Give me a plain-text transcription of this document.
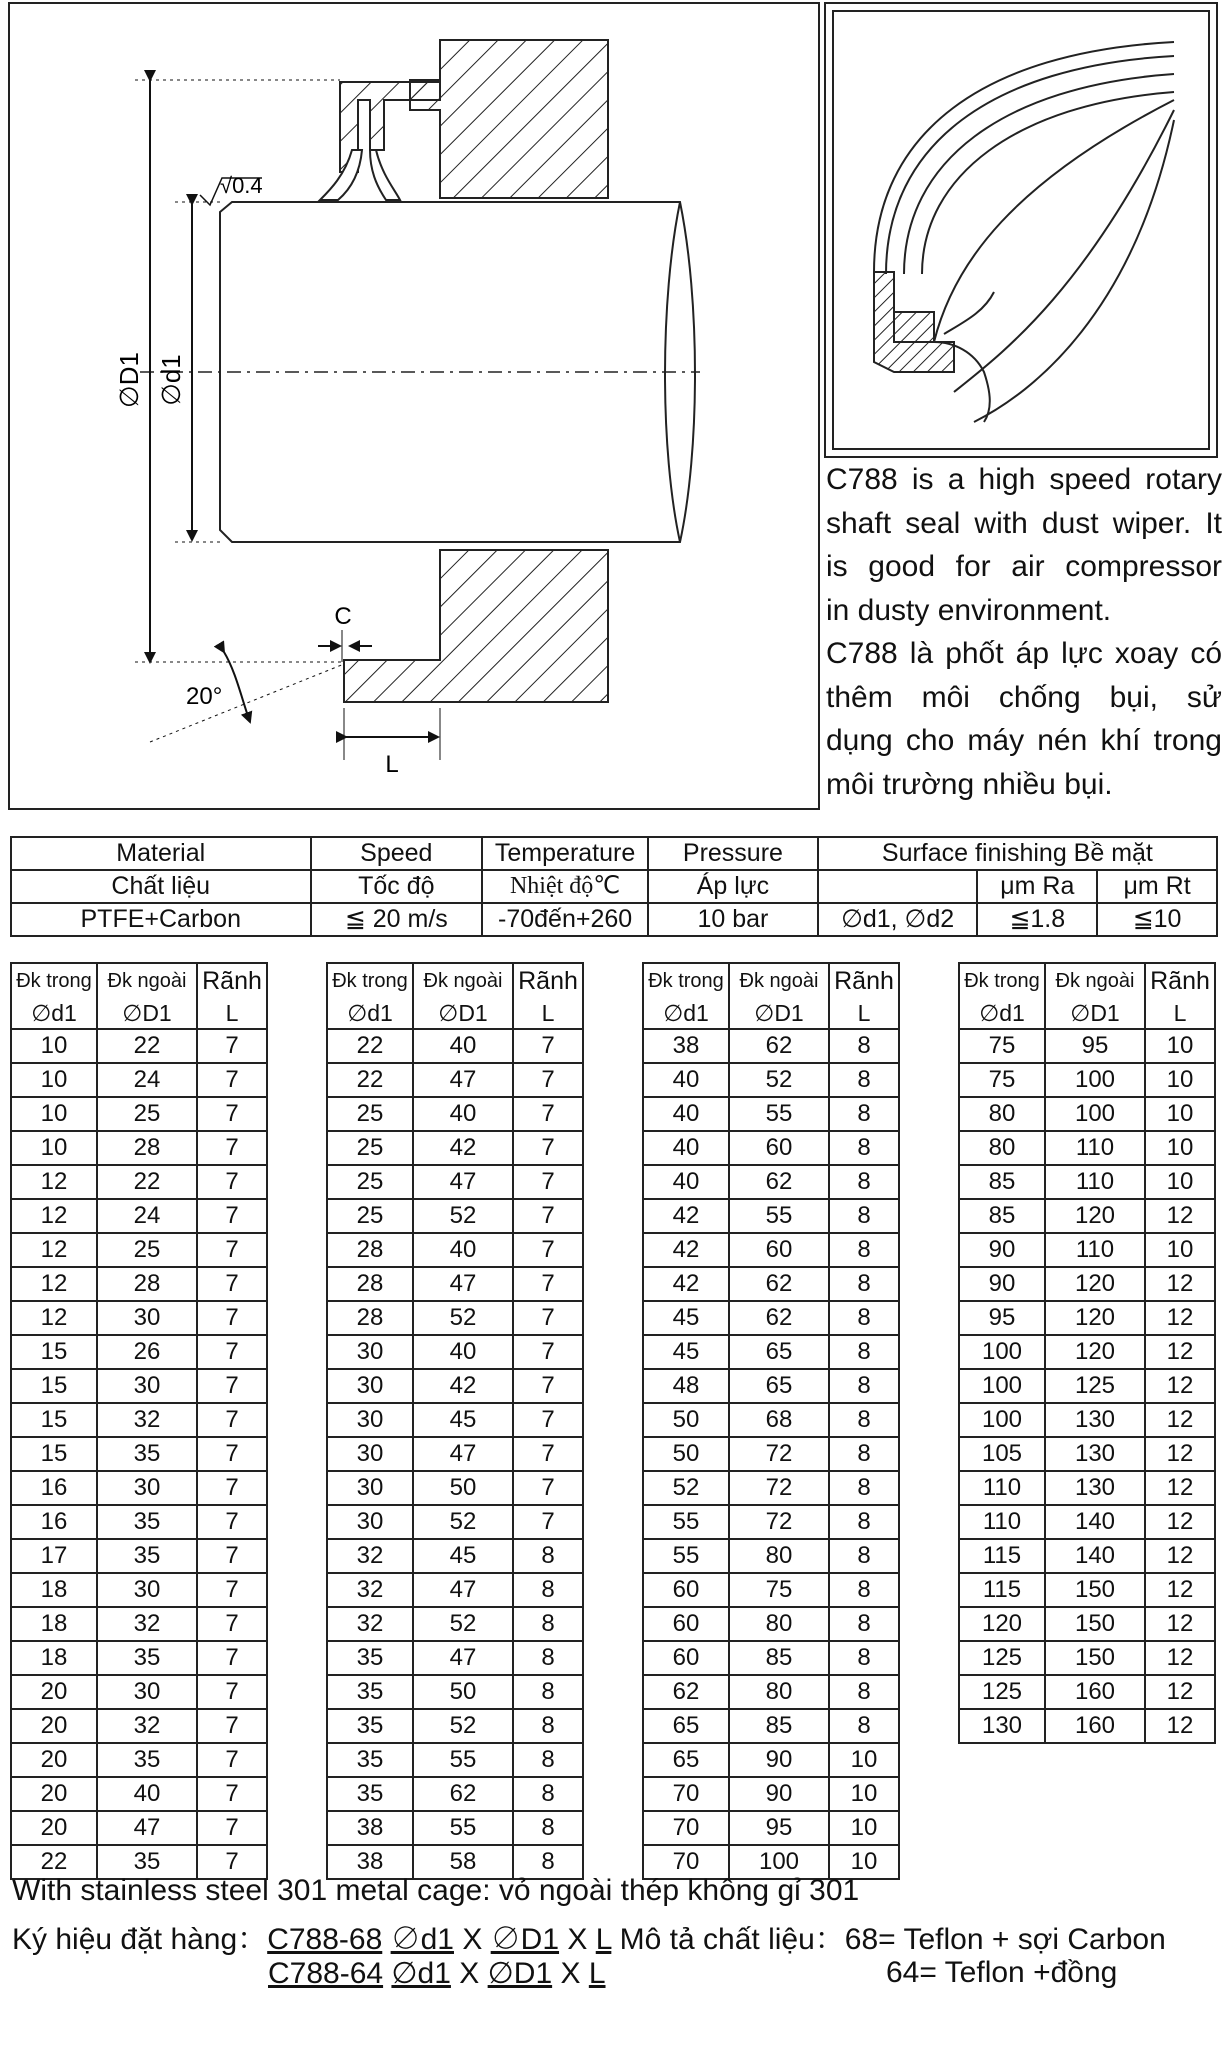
√0.4
∅D1 ∅d1
C
L
20°
C788 is a high speed rotary
shaft seal with dust wiper. It
is good for air compressor
in dusty environment.
C788 là phốt áp lực xoay có
thêm môi chống bụi, sử
dụng cho máy nén khí trong
môi trường nhiều bụi.
Material	Speed	Temperature	Pressure	Surface finishing Bề mặt		
Chất liệu	Tốc độ	Nhiệt độ℃	Áp lực		μm Ra	μm Rt
PTFE+Carbon	≦ 20 m/s	-70đến+260	10 bar	∅d1, ∅d2	≦1.8	≦10
Đk trong	Đk ngoài	Rãnh
∅d1	∅D1	L
10	22	7
10	24	7
10	25	7
10	28	7
12	22	7
12	24	7
12	25	7
12	28	7
12	30	7
15	26	7
15	30	7
15	32	7
15	35	7
16	30	7
16	35	7
17	35	7
18	30	7
18	32	7
18	35	7
20	30	7
20	32	7
20	35	7
20	40	7
20	47	7
22	35	7
Đk trong	Đk ngoài	Rãnh
∅d1	∅D1	L
22	40	7
22	47	7
25	40	7
25	42	7
25	47	7
25	52	7
28	40	7
28	47	7
28	52	7
30	40	7
30	42	7
30	45	7
30	47	7
30	50	7
30	52	7
32	45	8
32	47	8
32	52	8
35	47	8
35	50	8
35	52	8
35	55	8
35	62	8
38	55	8
38	58	8
Đk trong	Đk ngoài	Rãnh
∅d1	∅D1	L
38	62	8
40	52	8
40	55	8
40	60	8
40	62	8
42	55	8
42	60	8
42	62	8
45	62	8
45	65	8
48	65	8
50	68	8
50	72	8
52	72	8
55	72	8
55	80	8
60	75	8
60	80	8
60	85	8
62	80	8
65	85	8
65	90	10
70	90	10
70	95	10
70	100	10
Đk trong	Đk ngoài	Rãnh
∅d1	∅D1	L
75	95	10
75	100	10
80	100	10
80	110	10
85	110	10
85	120	12
90	110	10
90	120	12
95	120	12
100	120	12
100	125	12
100	130	12
105	130	12
110	130	12
110	140	12
115	140	12
115	150	12
120	150	12
125	150	12
125	160	12
130	160	12
With stainless steel 301 metal cage: vỏ ngoài thép không gỉ 301
Ký hiệu đặt hàng：C788-68 ∅d1 X ∅D1 X L Mô tả chất liệu：68= Teflon + sợi Carbon
C788-64 ∅d1 X ∅D1 X L	64= Teflon +đồng
